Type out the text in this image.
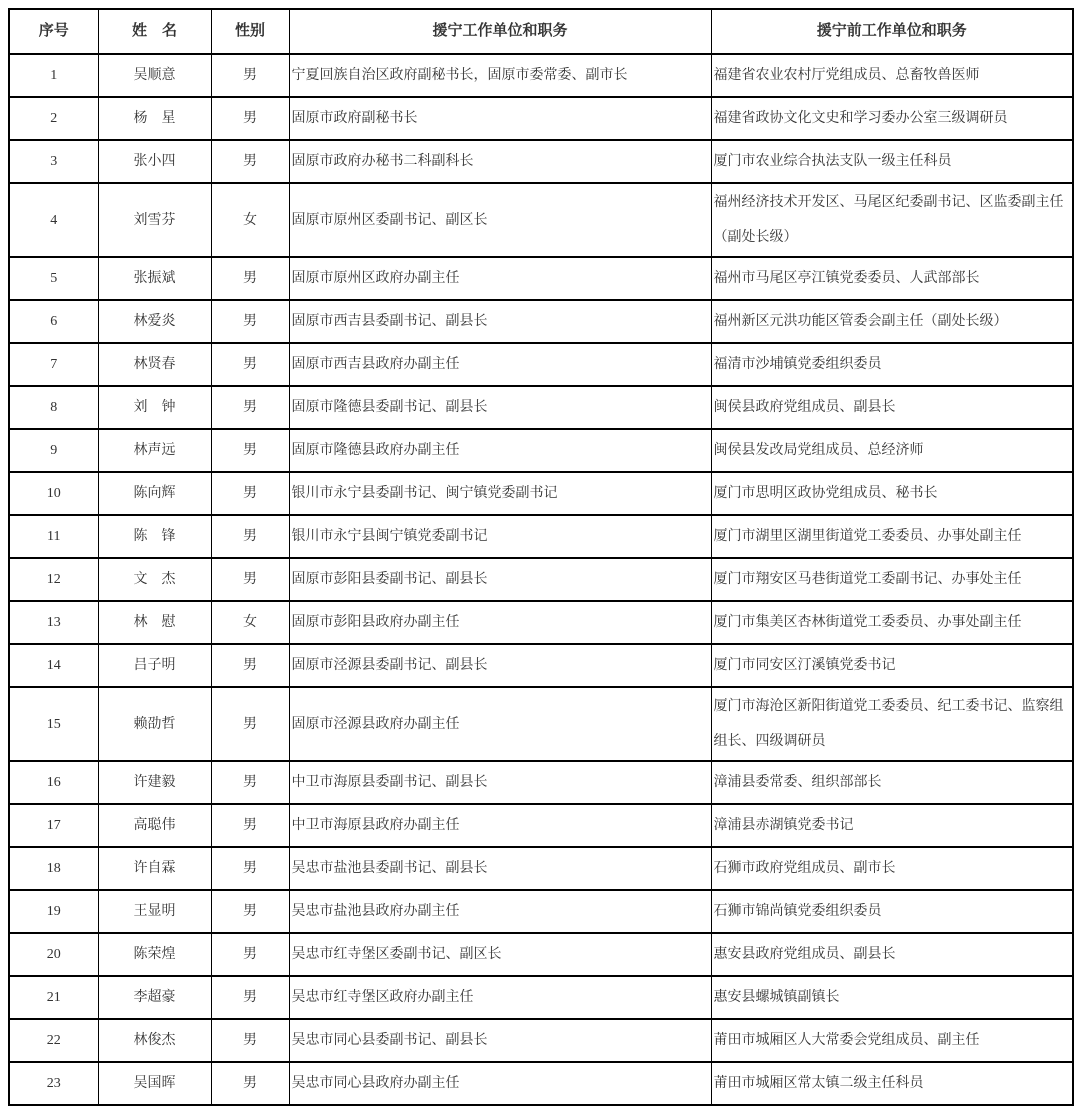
序号	姓　名	性别	援宁工作单位和职务	援宁前工作单位和职务
1	吴顺意	男	宁夏回族自治区政府副秘书长，固原市委常委、副市长	福建省农业农村厅党组成员、总畜牧兽医师
2	杨　星	男	固原市政府副秘书长	福建省政协文化文史和学习委办公室三级调研员
3	张小四	男	固原市政府办秘书二科副科长	厦门市农业综合执法支队一级主任科员
4	刘雪芬	女	固原市原州区委副书记、副区长	福州经济技术开发区、马尾区纪委副书记、区监委副主任（副处长级）
5	张振斌	男	固原市原州区政府办副主任	福州市马尾区亭江镇党委委员、人武部部长
6	林爱炎	男	固原市西吉县委副书记、副县长	福州新区元洪功能区管委会副主任（副处长级）
7	林贤春	男	固原市西吉县政府办副主任	福清市沙埔镇党委组织委员
8	刘　钟	男	固原市隆德县委副书记、副县长	闽侯县政府党组成员、副县长
9	林声远	男	固原市隆德县政府办副主任	闽侯县发改局党组成员、总经济师
10	陈向辉	男	银川市永宁县委副书记、闽宁镇党委副书记	厦门市思明区政协党组成员、秘书长
11	陈　锋	男	银川市永宁县闽宁镇党委副书记	厦门市湖里区湖里街道党工委委员、办事处副主任
12	文　杰	男	固原市彭阳县委副书记、副县长	厦门市翔安区马巷街道党工委副书记、办事处主任
13	林　慰	女	固原市彭阳县政府办副主任	厦门市集美区杏林街道党工委委员、办事处副主任
14	吕子明	男	固原市泾源县委副书记、副县长	厦门市同安区汀溪镇党委书记
15	赖劭哲	男	固原市泾源县政府办副主任	厦门市海沧区新阳街道党工委委员、纪工委书记、监察组组长、四级调研员
16	许建毅	男	中卫市海原县委副书记、副县长	漳浦县委常委、组织部部长
17	高聪伟	男	中卫市海原县政府办副主任	漳浦县赤湖镇党委书记
18	许自霖	男	吴忠市盐池县委副书记、副县长	石狮市政府党组成员、副市长
19	王显明	男	吴忠市盐池县政府办副主任	石狮市锦尚镇党委组织委员
20	陈荣煌	男	吴忠市红寺堡区委副书记、副区长	惠安县政府党组成员、副县长
21	李超豪	男	吴忠市红寺堡区政府办副主任	惠安县螺城镇副镇长
22	林俊杰	男	吴忠市同心县委副书记、副县长	莆田市城厢区人大常委会党组成员、副主任
23	吴国晖	男	吴忠市同心县政府办副主任	莆田市城厢区常太镇二级主任科员
